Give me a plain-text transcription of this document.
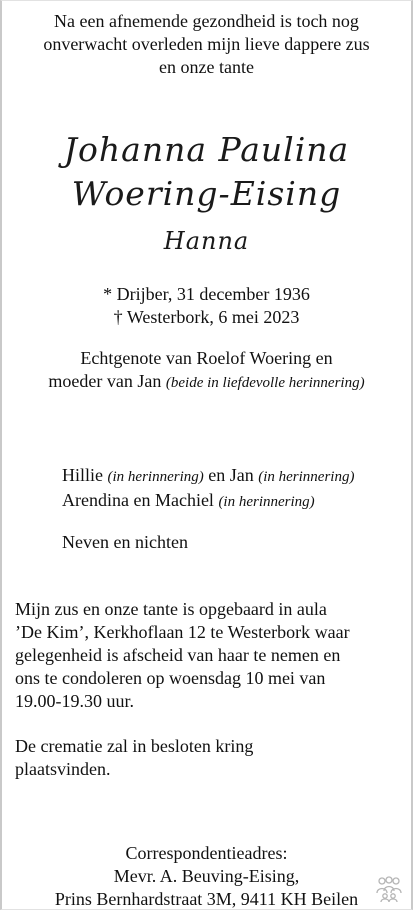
Na een afnemende gezondheid is toch nog
onverwacht overleden mijn lieve dappere zus
en onze tante
Johanna Paulina
Woering-Eising
Hanna
* Drijber, 31 december 1936
† Westerbork, 6 mei 2023
Echtgenote van Roelof Woering en
moeder van Jan (beide in liefdevolle herinnering)
Hillie (in herinnering) en Jan (in herinnering)
Arendina en Machiel (in herinnering)
Neven en nichten
Mijn zus en onze tante is opgebaard in aula
’De Kim’, Kerkhoflaan 12 te Westerbork waar
gelegenheid is afscheid van haar te nemen en
ons te condoleren op woensdag 10 mei van
19.00-19.30 uur.
De crematie zal in besloten kring
plaatsvinden.
Correspondentieadres:
Mevr. A. Beuving-Eising,
Prins Bernhardstraat 3M, 9411 KH Beilen
